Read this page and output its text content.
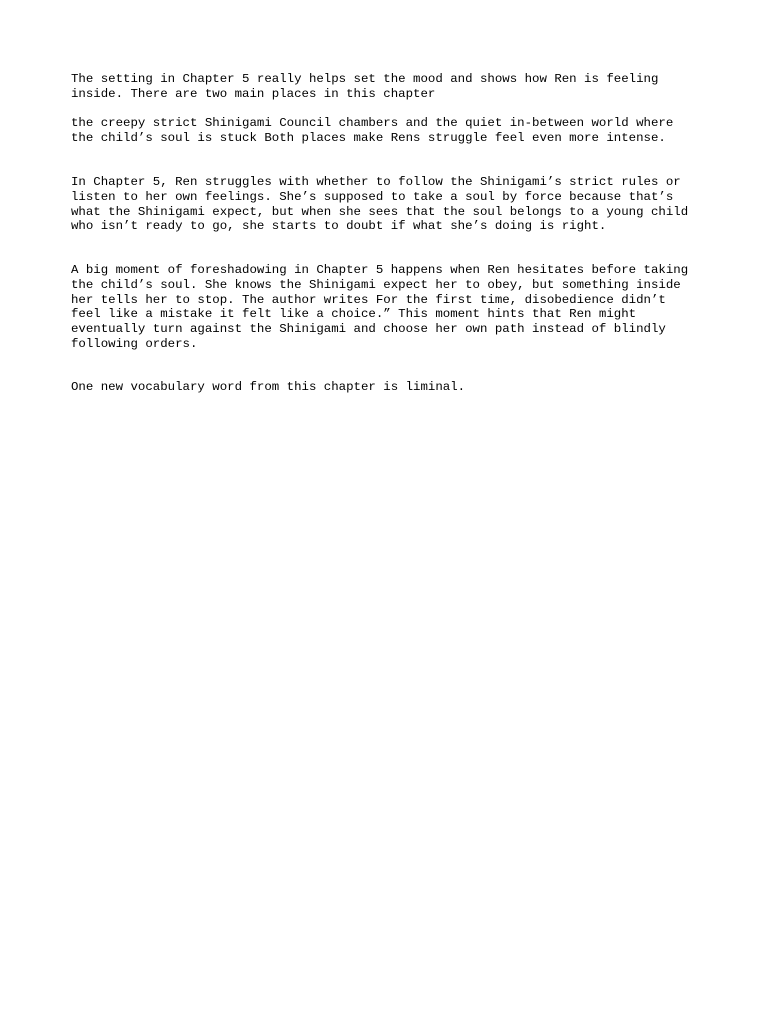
The setting in Chapter 5 really helps set the mood and shows how Ren is feeling
inside. There are two main places in this chapter

the creepy strict Shinigami Council chambers and the quiet in-between world where
the child’s soul is stuck Both places make Rens struggle feel even more intense.

In Chapter 5, Ren struggles with whether to follow the Shinigami’s strict rules or
listen to her own feelings. She’s supposed to take a soul by force because that’s
what the Shinigami expect, but when she sees that the soul belongs to a young child
who isn’t ready to go, she starts to doubt if what she’s doing is right.

A big moment of foreshadowing in Chapter 5 happens when Ren hesitates before taking
the child’s soul. She knows the Shinigami expect her to obey, but something inside
her tells her to stop. The author writes For the first time, disobedience didn’t
feel like a mistake it felt like a choice.” This moment hints that Ren might
eventually turn against the Shinigami and choose her own path instead of blindly
following orders.

One new vocabulary word from this chapter is liminal.
